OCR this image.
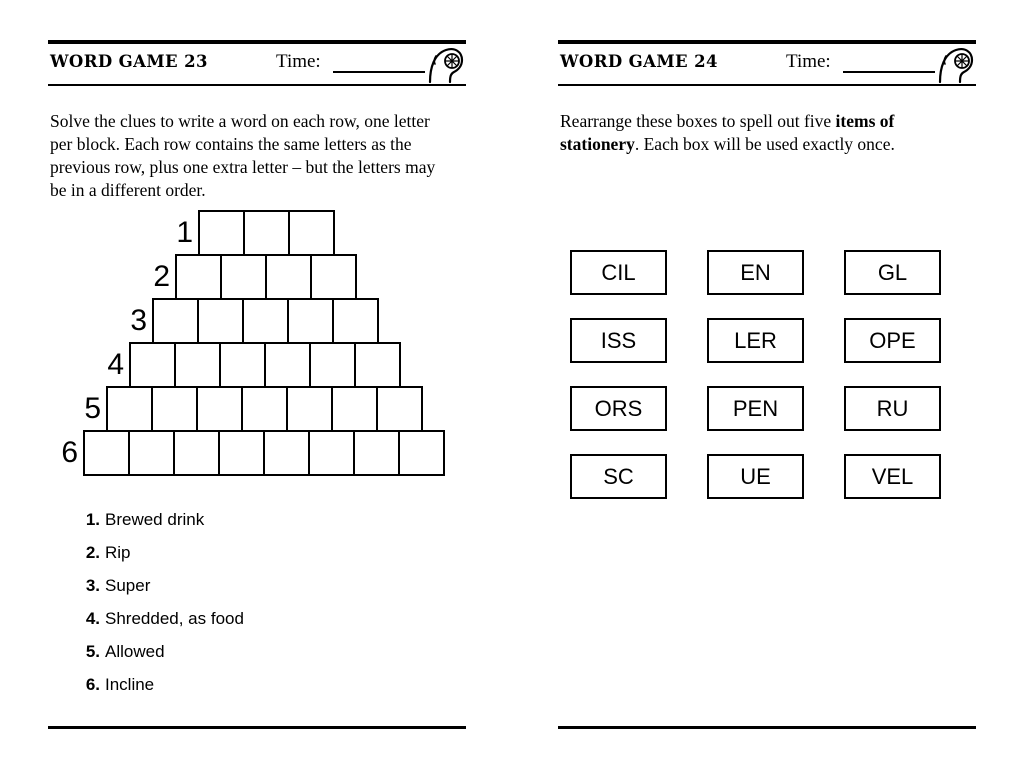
WORD GAME 23	Time:
Solve the clues to write a word on each row, one letter per block. Each row contains the same letters as the previous row, plus one extra letter – but the letters may be in a different order.
1
2
3
4
5
6
1. Brewed drink
2. Rip
3. Super
4. Shredded, as food
5. Allowed
6. Incline
WORD GAME 24	Time:
Rearrange these boxes to spell out five items of stationery. Each box will be used exactly once.
CIL	EN	GL
ISS	LER	OPE
ORS	PEN	RU
SC	UE	VEL
